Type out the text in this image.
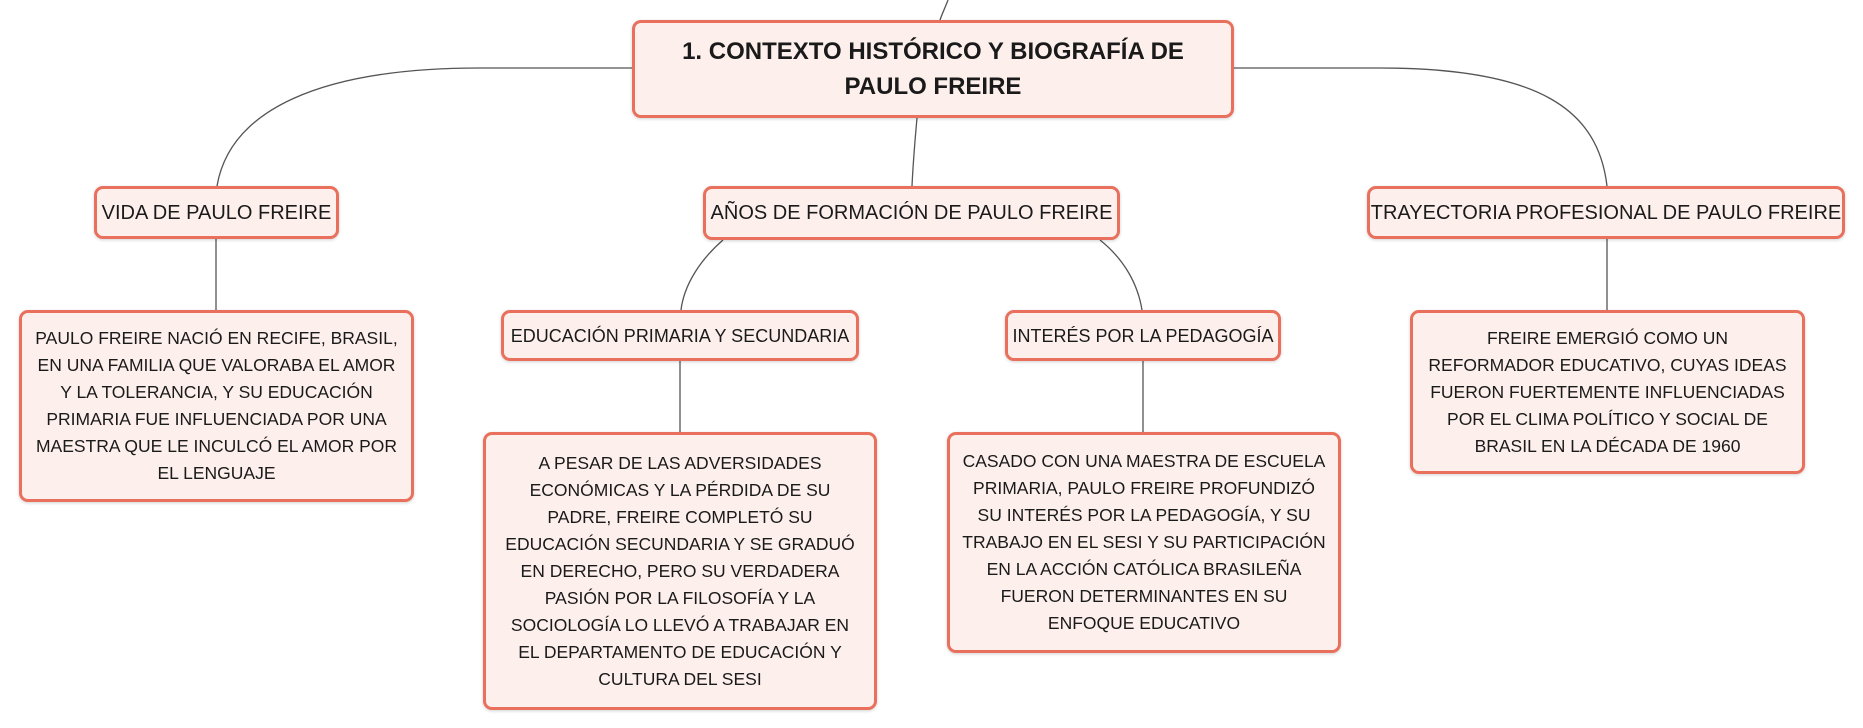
1. CONTEXTO HISTÓRICO Y BIOGRAFÍA DE PAULO FREIRE
VIDA DE PAULO FREIRE	AÑOS DE FORMACIÓN DE PAULO FREIRE	TRAYECTORIA PROFESIONAL DE PAULO FREIRE
EDUCACIÓN PRIMARIA Y SECUNDARIA	INTERÉS POR LA PEDAGOGÍA
PAULO FREIRE NACIÓ EN RECIFE, BRASIL, EN UNA FAMILIA QUE VALORABA EL AMOR Y LA TOLERANCIA, Y SU EDUCACIÓN PRIMARIA FUE INFLUENCIADA POR UNA MAESTRA QUE LE INCULCÓ EL AMOR POR EL LENGUAJE
A PESAR DE LAS ADVERSIDADES ECONÓMICAS Y LA PÉRDIDA DE SU PADRE, FREIRE COMPLETÓ SU EDUCACIÓN SECUNDARIA Y SE GRADUÓ EN DERECHO, PERO SU VERDADERA PASIÓN POR LA FILOSOFÍA Y LA SOCIOLOGÍA LO LLEVÓ A TRABAJAR EN EL DEPARTAMENTO DE EDUCACIÓN Y CULTURA DEL SESI
CASADO CON UNA MAESTRA DE ESCUELA PRIMARIA, PAULO FREIRE PROFUNDIZÓ SU INTERÉS POR LA PEDAGOGÍA, Y SU TRABAJO EN EL SESI Y SU PARTICIPACIÓN EN LA ACCIÓN CATÓLICA BRASILEÑA FUERON DETERMINANTES EN SU ENFOQUE EDUCATIVO
FREIRE EMERGIÓ COMO UN REFORMADOR EDUCATIVO, CUYAS IDEAS FUERON FUERTEMENTE INFLUENCIADAS POR EL CLIMA POLÍTICO Y SOCIAL DE BRASIL EN LA DÉCADA DE 1960
